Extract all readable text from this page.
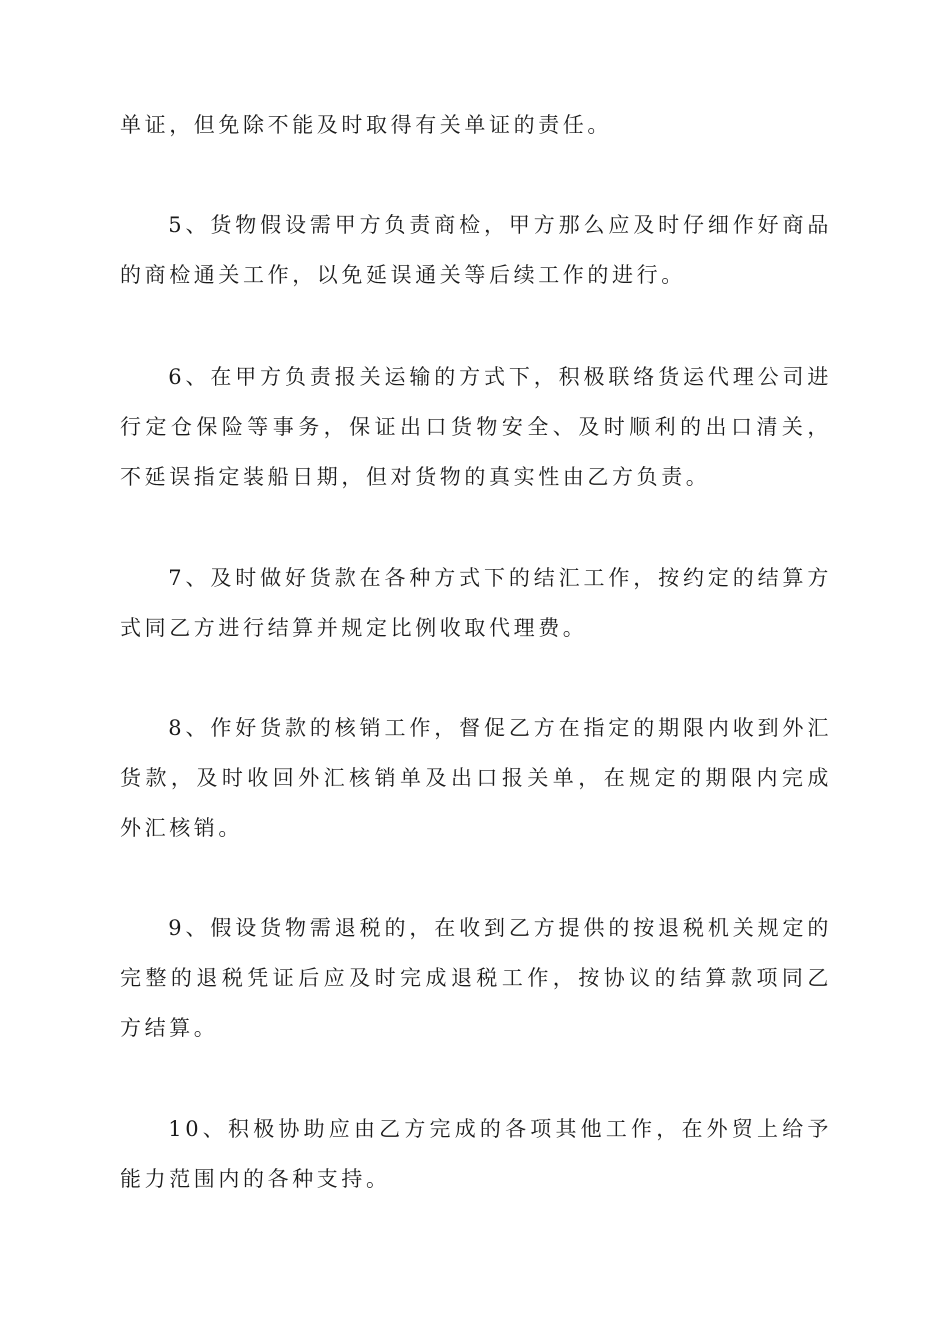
单证，但免除不能及时取得有关单证的责任。

5、货物假设需甲方负责商检，甲方那么应及时仔细作好商品的商检通关工作，以免延误通关等后续工作的进行。

6、在甲方负责报关运输的方式下，积极联络货运代理公司进行定仓保险等事务，保证出口货物安全、及时顺利的出口清关，不延误指定装船日期，但对货物的真实性由乙方负责。

7、及时做好货款在各种方式下的结汇工作，按约定的结算方式同乙方进行结算并规定比例收取代理费。

8、作好货款的核销工作，督促乙方在指定的期限内收到外汇货款，及时收回外汇核销单及出口报关单，在规定的期限内完成外汇核销。

9、假设货物需退税的，在收到乙方提供的按退税机关规定的完整的退税凭证后应及时完成退税工作，按协议的结算款项同乙方结算。

10、积极协助应由乙方完成的各项其他工作，在外贸上给予能力范围内的各种支持。
